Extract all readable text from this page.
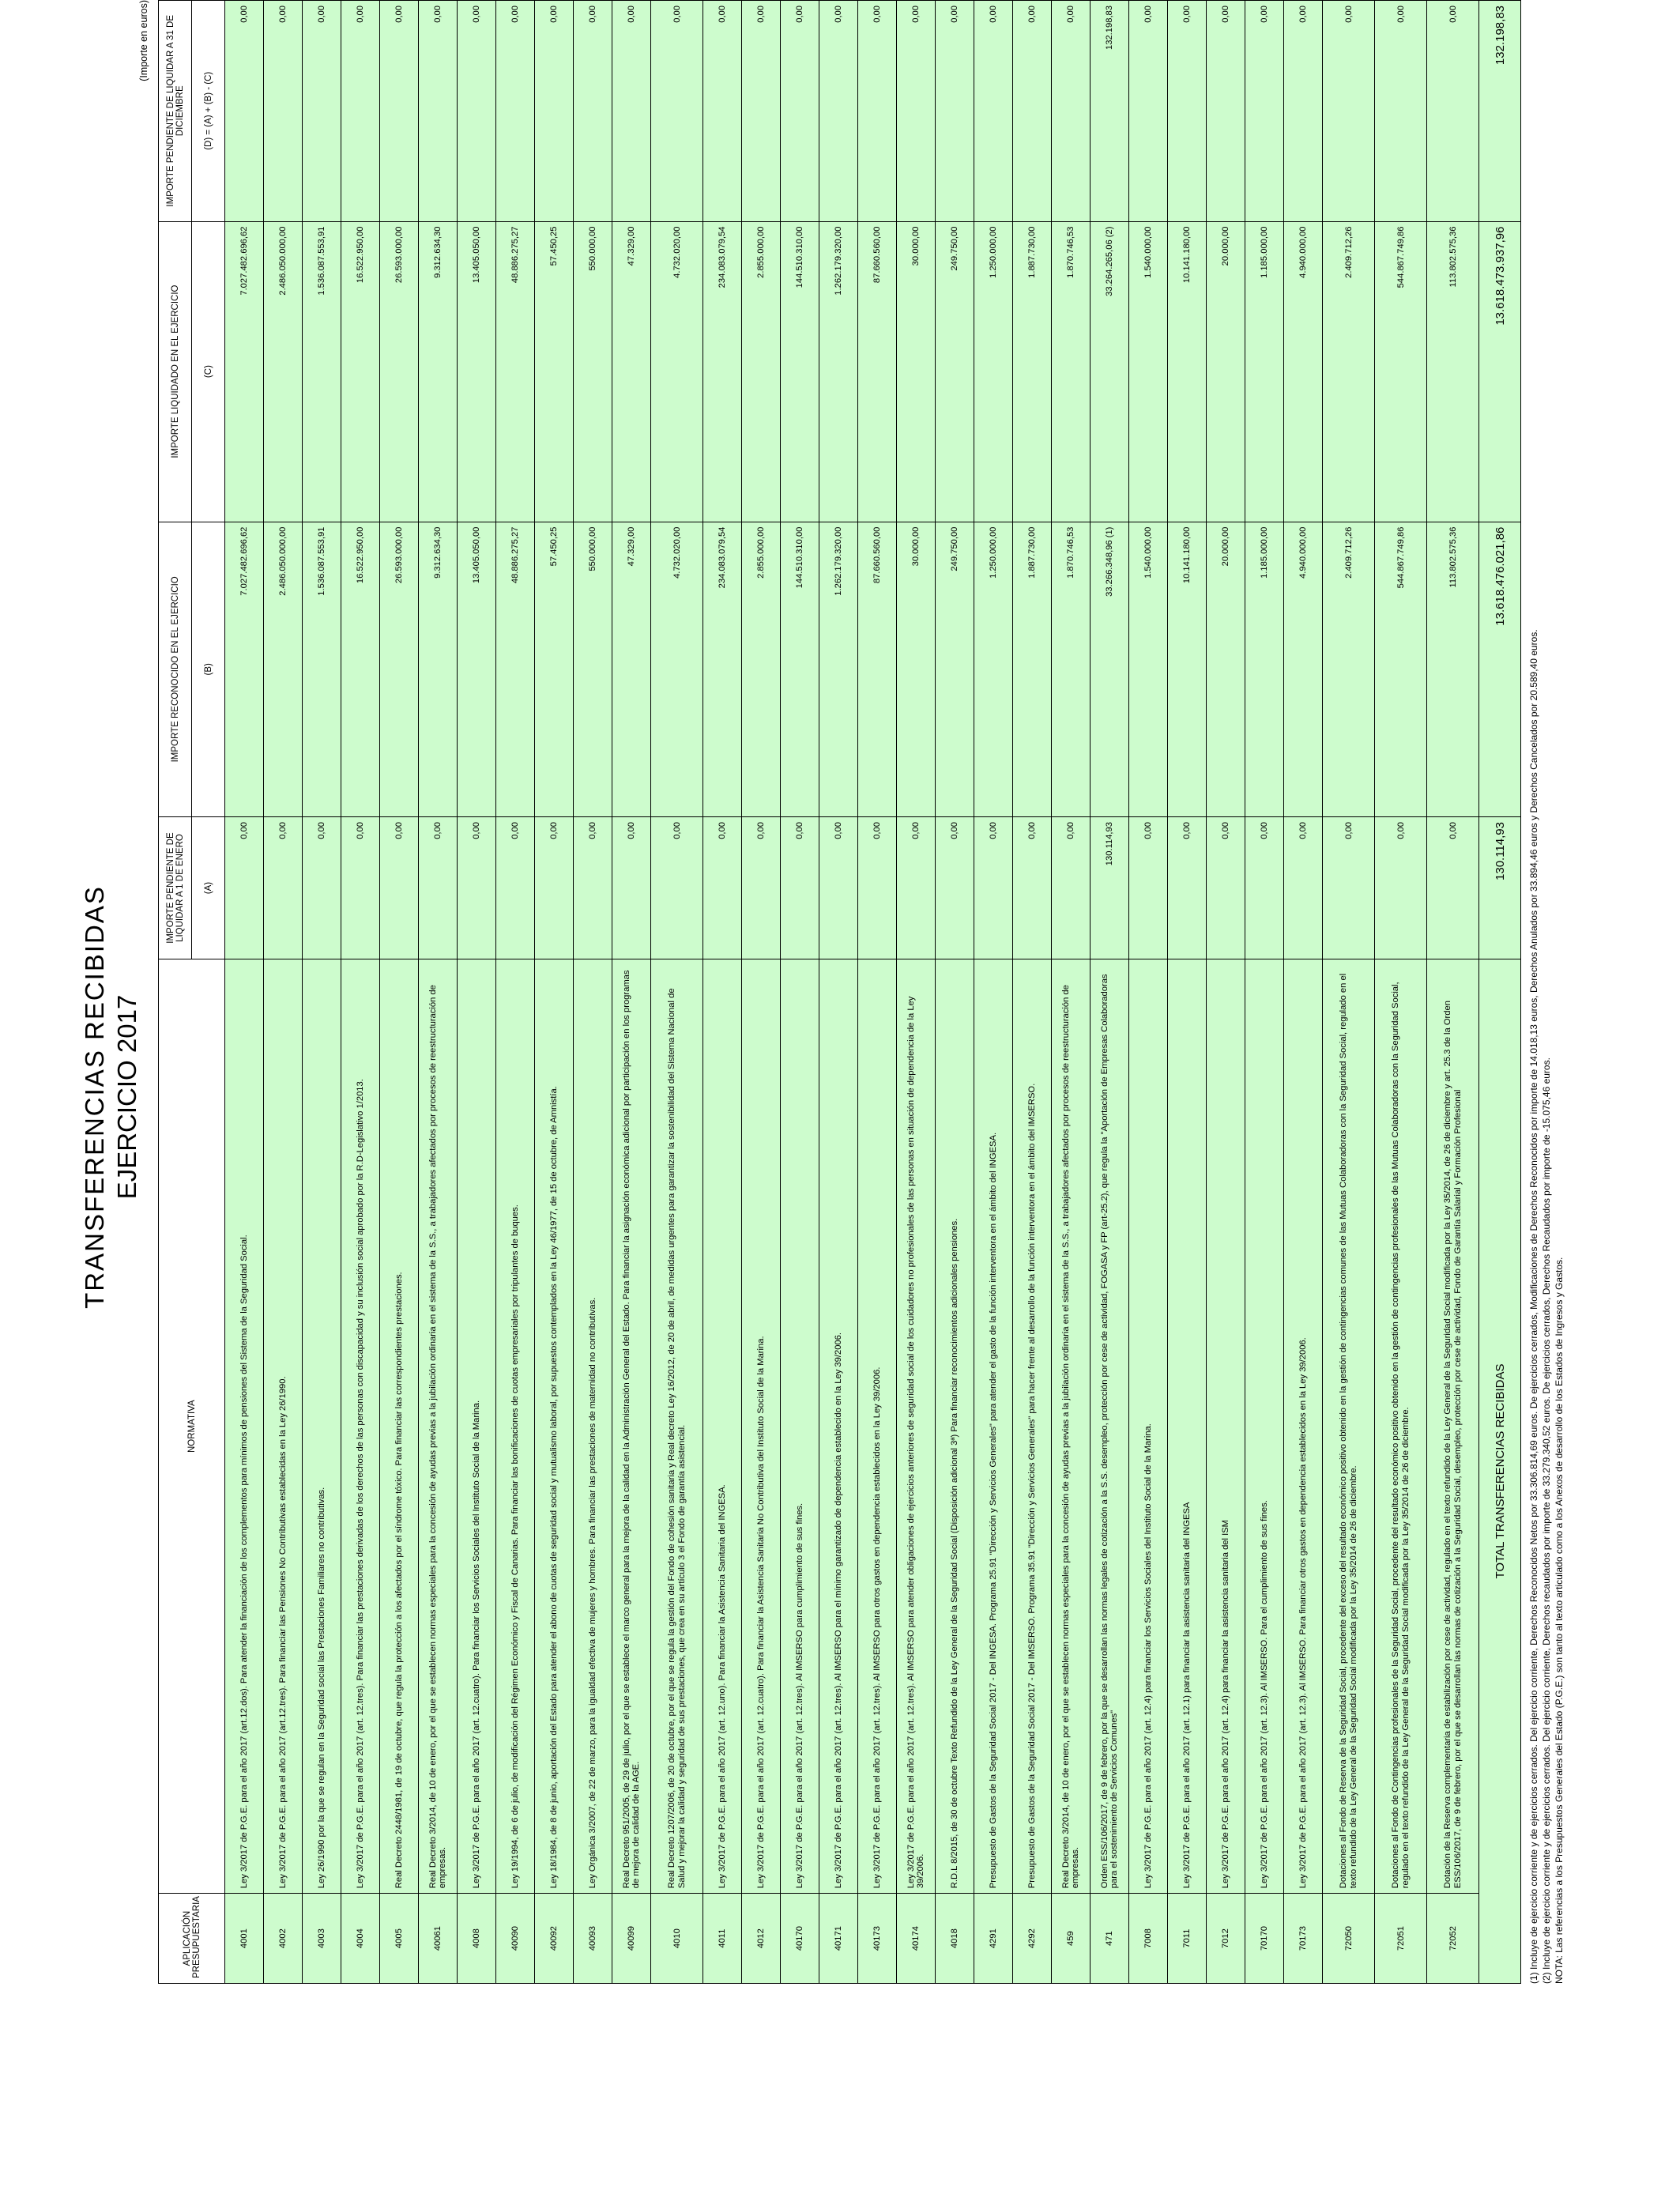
TRANSFERENCIAS RECIBIDAS EJERCICIO 2017
APLICACIÓN PRESUPUESTARIA	NORMATIVA	IMPORTE PENDIENTE DE LIQUIDAR A 1 DE ENERO	IMPORTE RECONOCIDO EN EL EJERCICIO	IMPORTE LIQUIDADO EN EL EJERCICIO	IMPORTE PENDIENTE DE LIQUIDAR A 31 DE DICIEMBRE
		(A)	(B)	(C)	(D) = (A) + (B) - (C)
4001	Ley 3/2017 de P.G.E. para el año 2017 (art.12.dos). Para atender la financiación de los complementos para mínimos de pensiones del Sistema de la Seguridad Social.	0,00	7.027.482.696,62	7.027.482.696,62	0,00
4002	Ley 3/2017 de P.G.E. para el año 2017 (art.12.tres). Para financiar las Pensiones No Contributivas establecidas en la Ley 26/1990.	0,00	2.486.050.000,00	2.486.050.000,00	0,00
4003	Ley 26/1990 por la que se regulan en la Seguridad social las Prestaciones Familiares no contributivas.	0,00	1.536.087.553,91	1.536.087.553,91	0,00
4004	Ley 3/2017 de P.G.E. para el año 2017 (art. 12.tres). Para financiar las prestaciones derivadas de los derechos de las personas con discapacidad y su inclusión social aprobado por la R.D-Legislativo 1/2013.	0,00	16.522.950,00	16.522.950,00	0,00
4005	Real Decreto 2448/1981, de 19 de octubre, que regula la protección a los afectados por el síndrome tóxico. Para financiar las correspondientes prestaciones.	0,00	26.593.000,00	26.593.000,00	0,00
40061	Real Decreto 3/2014, de 10 de enero, por el que se establecen normas especiales para la concesión de ayudas previas a la jubilación ordinaria en el sistema de la S.S., a trabajadores afectados por procesos de reestructuración de empresas.	0,00	9.312.634,30	9.312.634,30	0,00
4008	Ley 3/2017 de P.G.E. para el año 2017 (art. 12.cuatro). Para financiar los Servicios Sociales del Instituto Social de la Marina.	0,00	13.405.050,00	13.405.050,00	0,00
40090	Ley 19/1994, de 6 de julio, de modificación del Régimen Económico y Fiscal de Canarias. Para financiar las bonificaciones de cuotas empresariales por tripulantes de buques.	0,00	48.886.275,27	48.886.275,27	0,00
40092	Ley 18/1984, de 8 de junio, aportación del Estado para atender el abono de cuotas de seguridad social y mutualismo laboral, por supuestos contemplados en la Ley 46/1977, de 15 de octubre, de Amnistía.	0,00	57.450,25	57.450,25	0,00
40093	Ley Orgánica 3/2007, de 22 de marzo, para la igualdad efectiva de mujeres y hombres. Para financiar las prestaciones de maternidad no contributivas.	0,00	550.000,00	550.000,00	0,00
40099	Real Decreto 951/2005, de 29 de julio, por el que se establece el marco general para la mejora de la calidad en la Administración General del Estado. Para financiar la asignación económica adicional por participación en los programas de mejora de calidad de la AGE.	0,00	47.329,00	47.329,00	0,00
4010	Real Decreto 1207/2006, de 20 de octubre, por el que se regula la gestión del Fondo de cohesión sanitaria y Real decreto Ley 16/2012, de 20 de abril, de medidas urgentes para garantizar la sostenibilidad del Sistema Nacional de Salud y mejorar la calidad y seguridad de sus prestaciones, que crea en su artículo 3 el Fondo de garantía asistencial.	0,00	4.732.020,00	4.732.020,00	0,00
4011	Ley 3/2017 de P.G.E. para el año 2017 (art. 12.uno). Para financiar la Asistencia Sanitaria del INGESA.	0,00	234.083.079,54	234.083.079,54	0,00
4012	Ley 3/2017 de P.G.E. para el año 2017 (art. 12.cuatro). Para financiar la Asistencia Sanitaria No Contributiva del Instituto Social de la Marina.	0,00	2.855.000,00	2.855.000,00	0,00
40170	Ley 3/2017 de P.G.E. para el año 2017 (art. 12.tres). Al IMSERSO para cumplimiento de sus fines.	0,00	144.510.310,00	144.510.310,00	0,00
40171	Ley 3/2017 de P.G.E. para el año 2017 (art. 12.tres). Al IMSERSO para el mínimo garantizado de dependencia establecido en la Ley 39/2006.	0,00	1.262.179.320,00	1.262.179.320,00	0,00
40173	Ley 3/2017 de P.G.E. para el año 2017 (art. 12.tres). Al IMSERSO para otros gastos en dependencia establecidos en la Ley 39/2006.	0,00	87.660.560,00	87.660.560,00	0,00
40174	Ley 3/2017 de P.G.E. para el año 2017 (art. 12.tres). Al IMSERSO para atender obligaciones de ejercicios anteriores de seguridad social de los cuidadores no profesionales de las personas en situación de dependencia de la Ley 39/2006.	0,00	30.000,00	30.000,00	0,00
4018	R.D.L 8/2015, de 30 de octubre Texto Refundido de la Ley General de la Seguridad Social (Disposición adicional 3ª) Para financiar reconocimientos adicionales pensiones.	0,00	249.750,00	249.750,00	0,00
4291	Presupuesto de Gastos de la Seguridad Social 2017 - Del INGESA. Programa 25.91 "Dirección y Servicios Generales" para atender el gasto de la función interventora en el ámbito del INGESA.	0,00	1.250.000,00	1.250.000,00	0,00
4292	Presupuesto de Gastos de la Seguridad Social 2017 - Del IMSERSO. Programa 35.91 "Dirección y Servicios Generales" para hacer frente al desarrollo de la función interventora en el ámbito del IMSERSO.	0,00	1.887.730,00	1.887.730,00	0,00
459	Real Decreto 3/2014, de 10 de enero, por el que se establecen normas especiales para la concesión de ayudas previas a la jubilación ordinaria en el sistema de la S.S., a trabajadores afectados por procesos de reestructuración de empresas.	0,00	1.870.746,53	1.870.746,53	0,00
471	Orden ESS/106/2017, de 9 de febrero, por la que se desarrollan las normas legales de cotización a la S.S. desempleo, protección por cese de actividad, FOGASA y FP (art-25.2), que regula la "Aportación de Empresas Colaboradoras para el sostenimiento de Servicios Comunes"	130.114,93	33.266.348,96 (1)	33.264.265,06 (2)	132.198,83
7008	Ley 3/2017 de P.G.E. para el año 2017 (art. 12.4) para financiar los Servicios Sociales del Instituto Social de la Marina.	0,00	1.540.000,00	1.540.000,00	0,00
7011	Ley 3/2017 de P.G.E. para el año 2017 (art. 12.1) para financiar la asistencia sanitaria del INGESA	0,00	10.141.180,00	10.141.180,00	0,00
7012	Ley 3/2017 de P.G.E. para el año 2017 (art. 12.4) para financiar la asistencia sanitaria del ISM	0,00	20.000,00	20.000,00	0,00
70170	Ley 3/2017 de P.G.E. para el año 2017 (art. 12.3). Al IMSERSO. Para el cumplimiento de sus fines.	0,00	1.185.000,00	1.185.000,00	0,00
70173	Ley 3/2017 de P.G.E. para el año 2017 (art. 12.3). Al IMSERSO. Para financiar otros gastos en dependencia establecidos en la Ley 39/2006.	0,00	4.940.000,00	4.940.000,00	0,00
72050	Dotaciones al Fondo de Reserva de la Seguridad Social, procedente del exceso del resultado económico positivo obtenido en la gestión de contingencias comunes de las Mutuas Colaboradoras con la Seguridad Social, regulado en el texto refundido de la Ley General de la Seguridad Social modificada por la Ley 35/2014 de 26 de diciembre.	0,00	2.409.712,26	2.409.712,26	0,00
72051	Dotaciones al Fondo de Contingencias profesionales de la Seguridad Social, procedente del resultado económico positivo obtenido en la gestión de contingencias profesionales de las Mutuas Colaboradoras con la Seguridad Social, regulado en el texto refundido de la Ley General de la Seguridad Social modificada por la Ley 35/2014 de 26 de diciembre.	0,00	544.867.749,86	544.867.749,86	0,00
72052	Dotación de la Reserva complementaria de estabilización por cese de actividad, regulado en el texto refundido de la Ley General de la Seguridad Social modificada por la Ley 35/2014, de 26 de diciembre y art. 25.3 de la Orden ESS/106/2017, de 9 de febrero, por el que se desarrollan las normas de cotización a la Seguridad Social, desempleo, protección por cese de actividad, Fondo de Garantía Salarial y Formación Profesional	0,00	113.802.575,36	113.802.575,36	0,00
TOTAL TRANSFERENCIAS RECIBIDAS		130.114,93	13.618.476.021,86	13.618.473.937,96	132.198,83
(Importe en euros)

(1) Incluye de ejercicio corriente y de ejercicios cerrados. Del ejercicio corriente, Derechos Reconocidos Netos por 33.306.814,69 euros. De ejercicios cerrados, Modificaciones de Derechos Reconocidos por importe de 14.018,13 euros, Derechos Anulados por 33.894,46 euros y Derechos Cancelados por 20.589,40 euros. (2) Incluye de ejercicio corriente y de ejercicios cerrados. Del ejercicio corriente, Derechos recaudados por importe de 33.279.340,52 euros. De ejercicios cerrados, Derechos Recaudados por importe de -15.075,46 euros. NOTA: Las referencias a los Presupuestos Generales del Estado (P.G.E.) son tanto al texto articulado como a los Anexos de desarrollo de los Estados de Ingresos y Gastos.
